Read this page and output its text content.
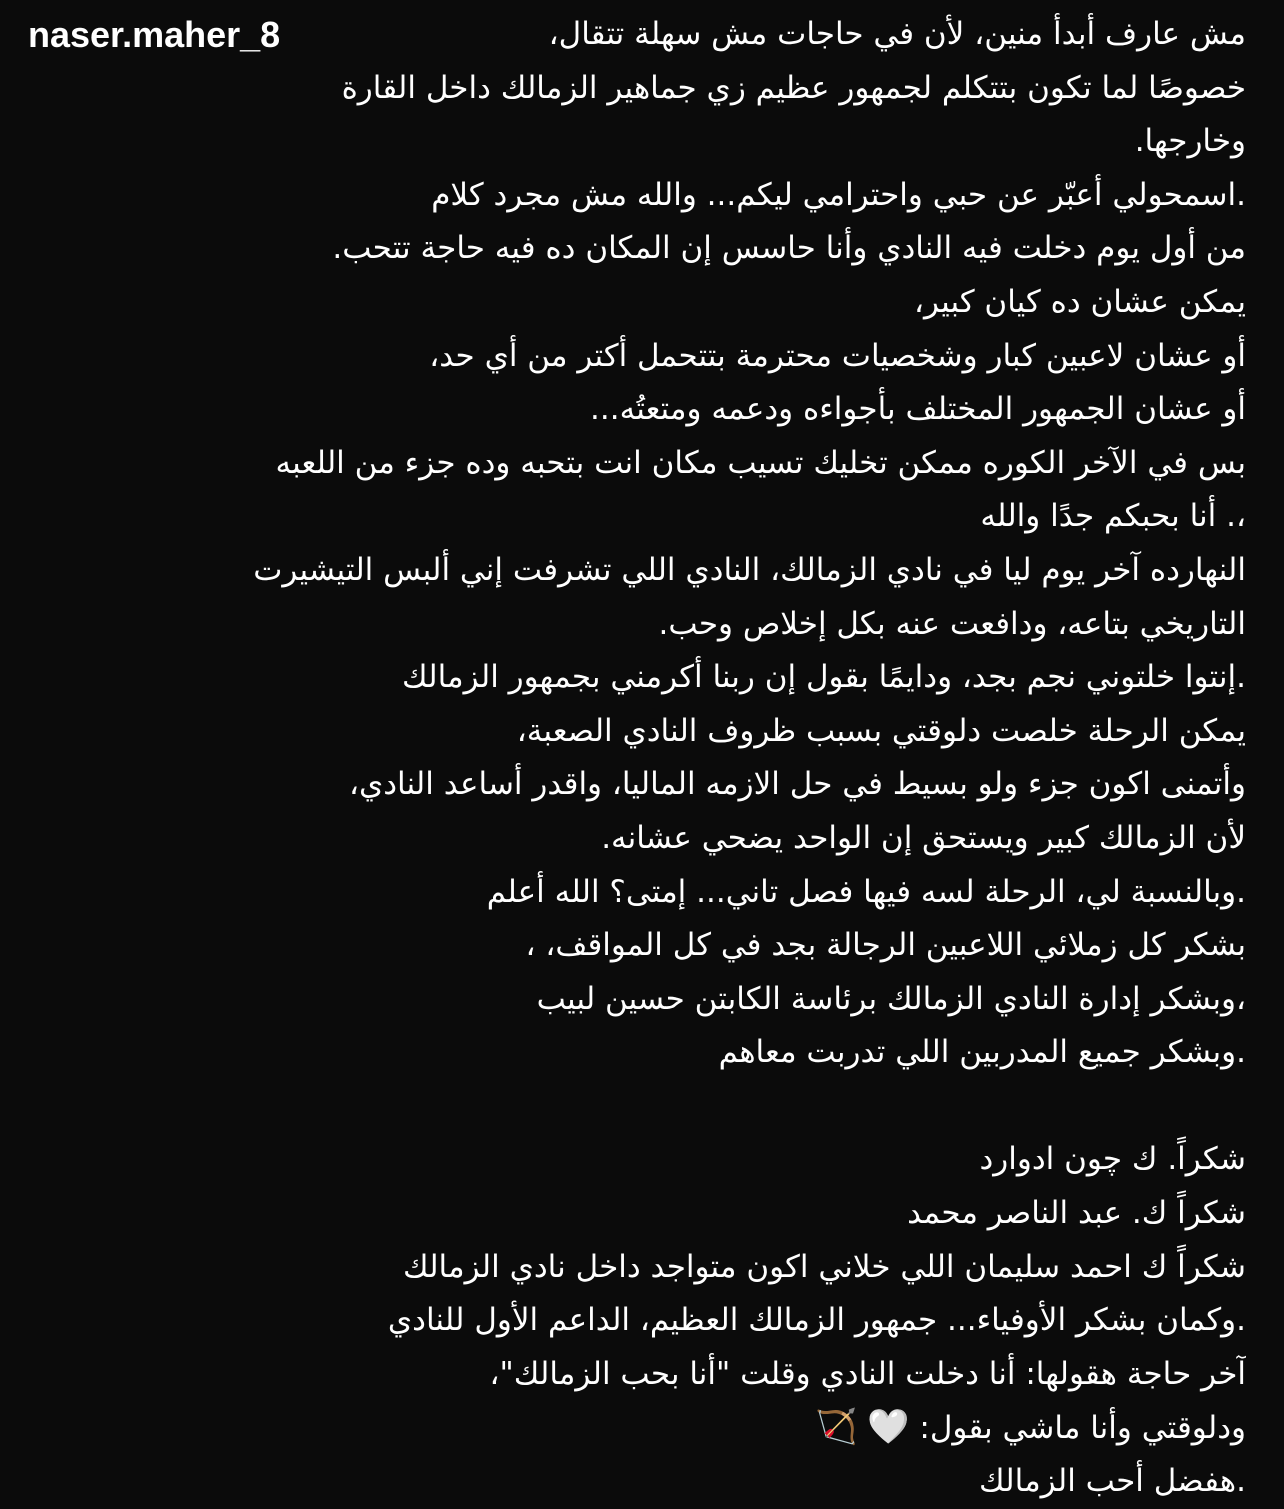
naser.maher_8	مش عارف أبدأ منين، لأن في حاجات مش سهلة تتقال،
خصوصًا لما تكون بتتكلم لجمهور عظيم زي جماهير الزمالك داخل القارة
وخارجها.
.اسمحولي أعبّر عن حبي واحترامي ليكم... والله مش مجرد كلام
من أول يوم دخلت فيه النادي وأنا حاسس إن المكان ده فيه حاجة تتحب.
يمكن عشان ده كيان كبير،
أو عشان لاعبين كبار وشخصيات محترمة بتتحمل أكتر من أي حد،
أو عشان الجمهور المختلف بأجواءه ودعمه ومتعتُه...
بس في الآخر الكوره ممكن تخليك تسيب مكان انت بتحبه وده جزء من اللعبه
،. أنا بحبكم جدًا والله
النهارده آخر يوم ليا في نادي الزمالك، النادي اللي تشرفت إني ألبس التيشيرت
التاريخي بتاعه، ودافعت عنه بكل إخلاص وحب.
.إنتوا خلتوني نجم بجد، ودايمًا بقول إن ربنا أكرمني بجمهور الزمالك
يمكن الرحلة خلصت دلوقتي بسبب ظروف النادي الصعبة،
وأتمنى اكون جزء ولو بسيط في حل الازمه الماليا، واقدر أساعد النادي،
لأن الزمالك كبير ويستحق إن الواحد يضحي عشانه.
.وبالنسبة لي، الرحلة لسه فيها فصل تاني... إمتى؟ الله أعلم
بشكر كل زملائي اللاعبين الرجالة بجد في كل المواقف، ،
،وبشكر إدارة النادي الزمالك برئاسة الكابتن حسين لبيب
.وبشكر جميع المدربين اللي تدربت معاهم
شكراً. ك چون ادوارد
شكراً ك. عبد الناصر محمد
شكراً ك احمد سليمان اللي خلاني اكون متواجد داخل نادي الزمالك
.وكمان بشكر الأوفياء... جمهور الزمالك العظيم، الداعم الأول للنادي
آخر حاجة هقولها: أنا دخلت النادي وقلت "أنا بحب الزمالك"،
ودلوقتي وأنا ماشي بقول: 🤍 🏹
.هفضل أحب الزمالك
